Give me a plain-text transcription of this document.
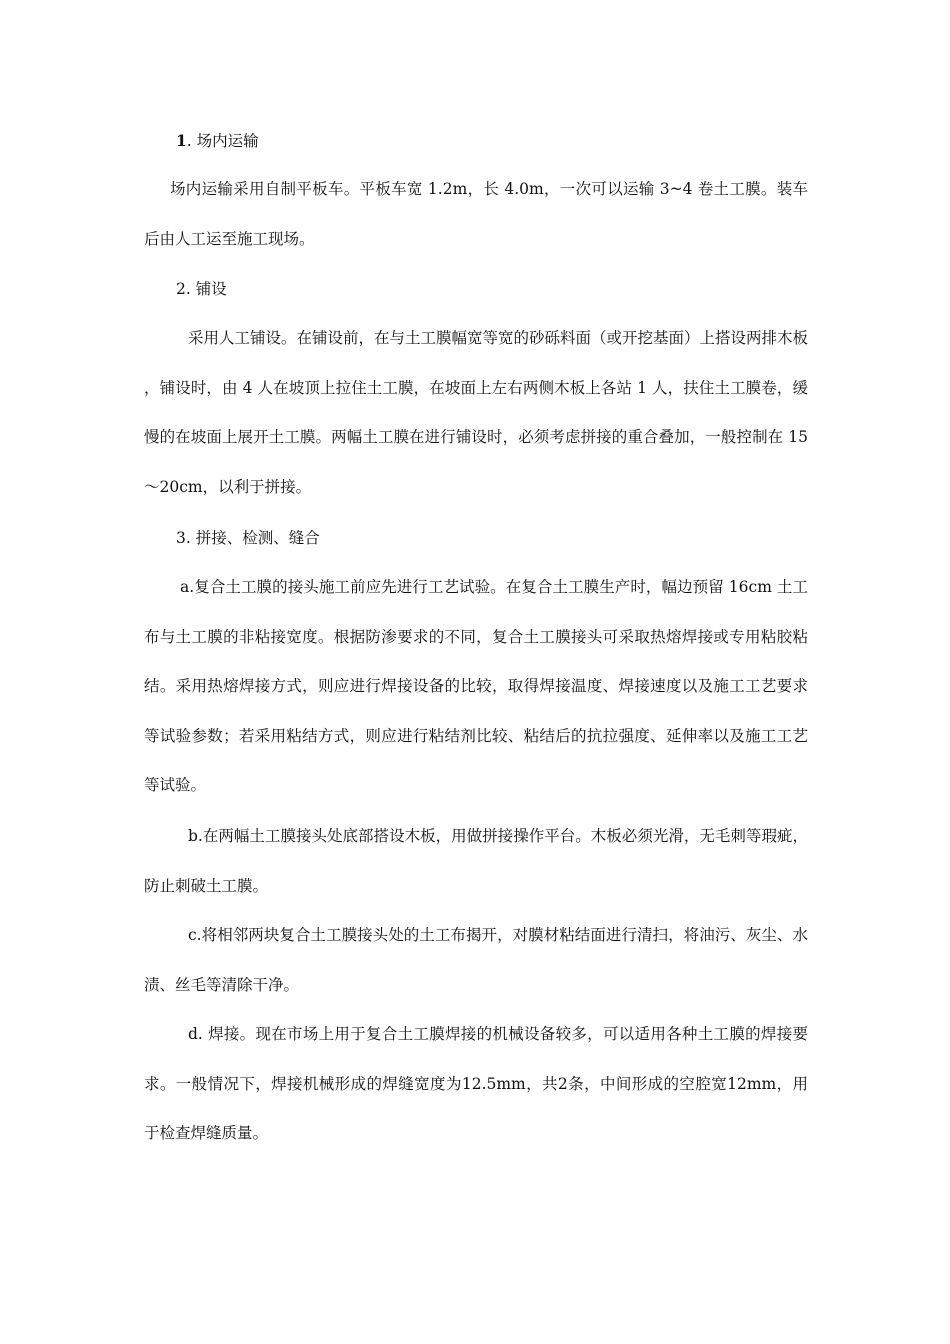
1. 场内运输

场内运输采用自制平板车。平板车宽 1.2m，长 4.0m，一次可以运输 3~4 卷土工膜。装车后由人工运至施工现场。

2. 铺设

采用人工铺设。在铺设前，在与土工膜幅宽等宽的砂砾料面（或开挖基面）上搭设两排木板，铺设时，由 4 人在坡顶上拉住土工膜，在坡面上左右两侧木板上各站 1 人，扶住土工膜卷，缓慢的在坡面上展开土工膜。两幅土工膜在进行铺设时，必须考虑拼接的重合叠加，一般控制在 15～20cm，以利于拼接。

3. 拼接、检测、缝合

a.复合土工膜的接头施工前应先进行工艺试验。在复合土工膜生产时，幅边预留 16cm 土工布与土工膜的非粘接宽度。根据防渗要求的不同，复合土工膜接头可采取热熔焊接或专用粘胶粘结。采用热熔焊接方式，则应进行焊接设备的比较，取得焊接温度、焊接速度以及施工工艺要求等试验参数；若采用粘结方式，则应进行粘结剂比较、粘结后的抗拉强度、延伸率以及施工工艺等试验。

b.在两幅土工膜接头处底部搭设木板，用做拼接操作平台。木板必须光滑，无毛刺等瑕疵，防止刺破土工膜。

c.将相邻两块复合土工膜接头处的土工布揭开，对膜材粘结面进行清扫，将油污、灰尘、水渍、丝毛等清除干净。

d. 焊接。现在市场上用于复合土工膜焊接的机械设备较多，可以适用各种土工膜的焊接要求。一般情况下，焊接机械形成的焊缝宽度为12.5mm，共2条，中间形成的空腔宽12mm，用于检查焊缝质量。
